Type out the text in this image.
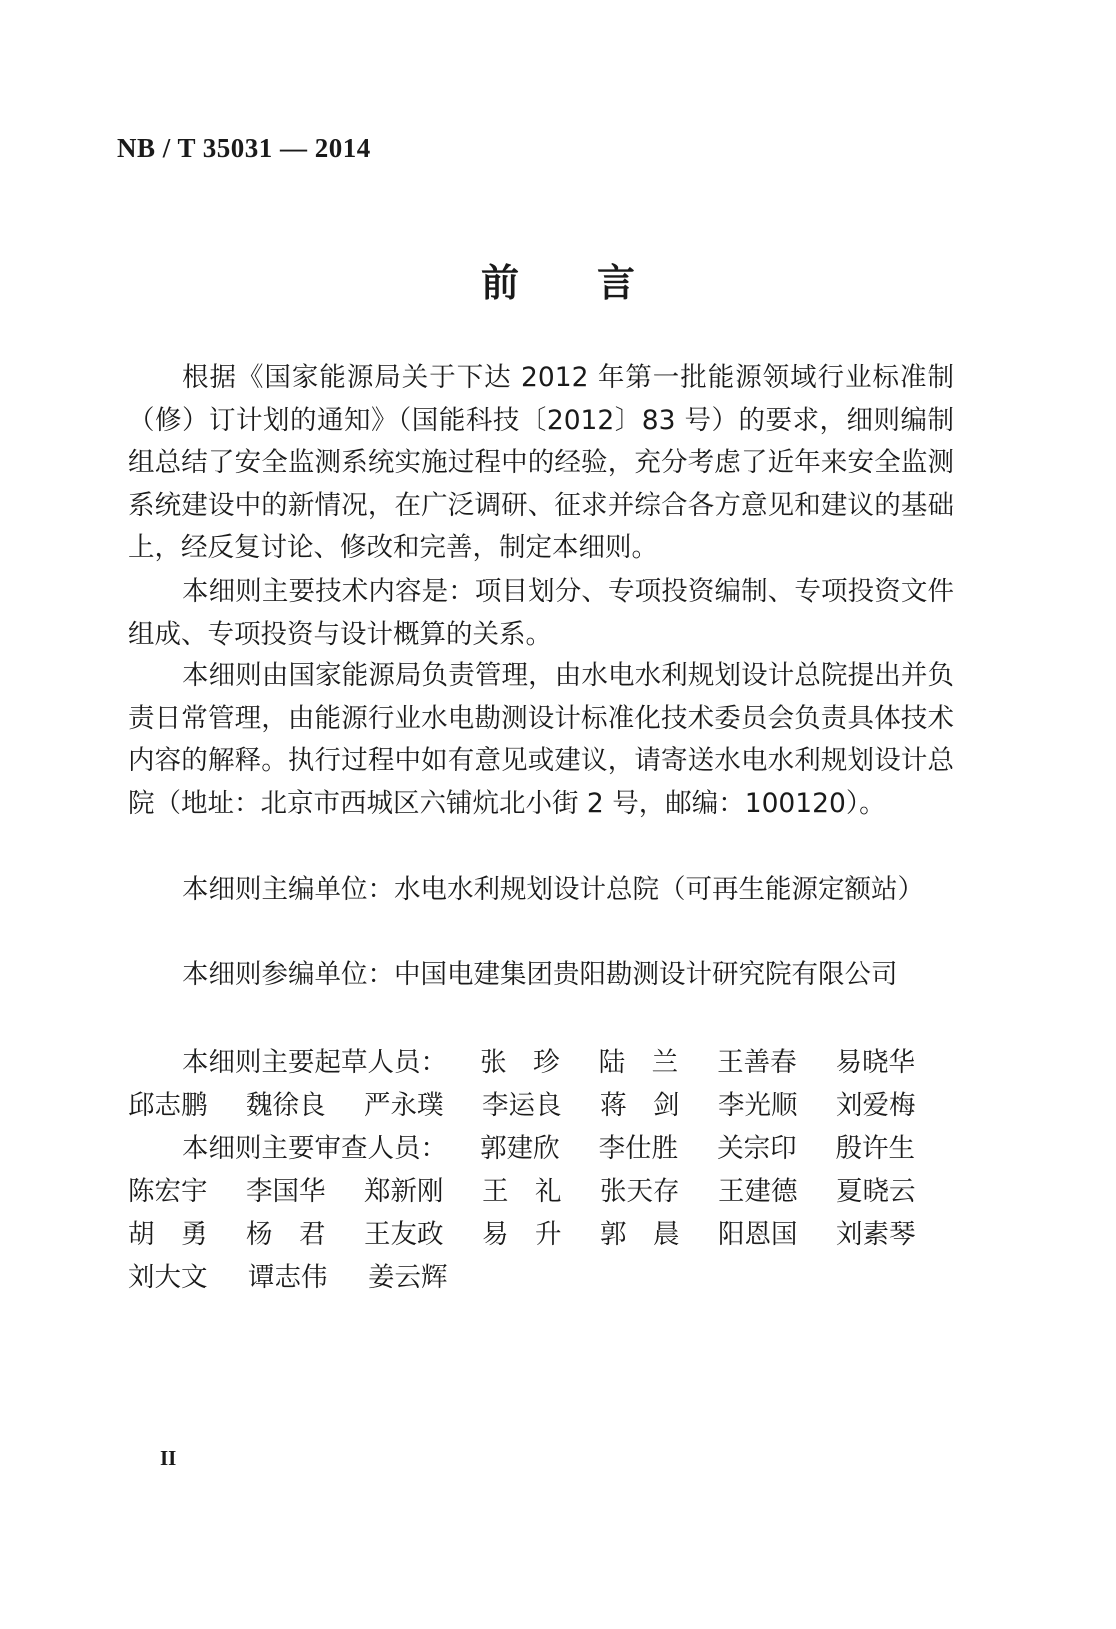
NB / T 35031 — 2014
前言
根据《国家能源局关于下达 2012 年第一批能源领域行业标准制（修）订计划的通知》（国能科技〔2012〕83 号）的要求，细则编制组总结了安全监测系统实施过程中的经验，充分考虑了近年来安全监测系统建设中的新情况，在广泛调研、征求并综合各方意见和建议的基础上，经反复讨论、修改和完善，制定本细则。
本细则主要技术内容是：项目划分、专项投资编制、专项投资文件组成、专项投资与设计概算的关系。
本细则由国家能源局负责管理，由水电水利规划设计总院提出并负责日常管理，由能源行业水电勘测设计标准化技术委员会负责具体技术内容的解释。执行过程中如有意见或建议，请寄送水电水利规划设计总院（地址：北京市西城区六铺炕北小街 2 号，邮编：100120）。
本细则主编单位：水电水利规划设计总院（可再生能源定额站）
本细则参编单位：中国电建集团贵阳勘测设计研究院有限公司
本细则主要起草人员：	张　珍	陆　兰	王善春	易晓华
邱志鹏	魏徐良	严永璞	李运良	蒋　剑	李光顺	刘爱梅
本细则主要审查人员：	郭建欣	李仕胜	关宗印	殷许生
陈宏宇	李国华	郑新刚	王　礼	张天存	王建德	夏晓云
胡　勇	杨　君	王友政	易　升	郭　晨	阳恩国	刘素琴
刘大文	谭志伟	姜云辉
II
